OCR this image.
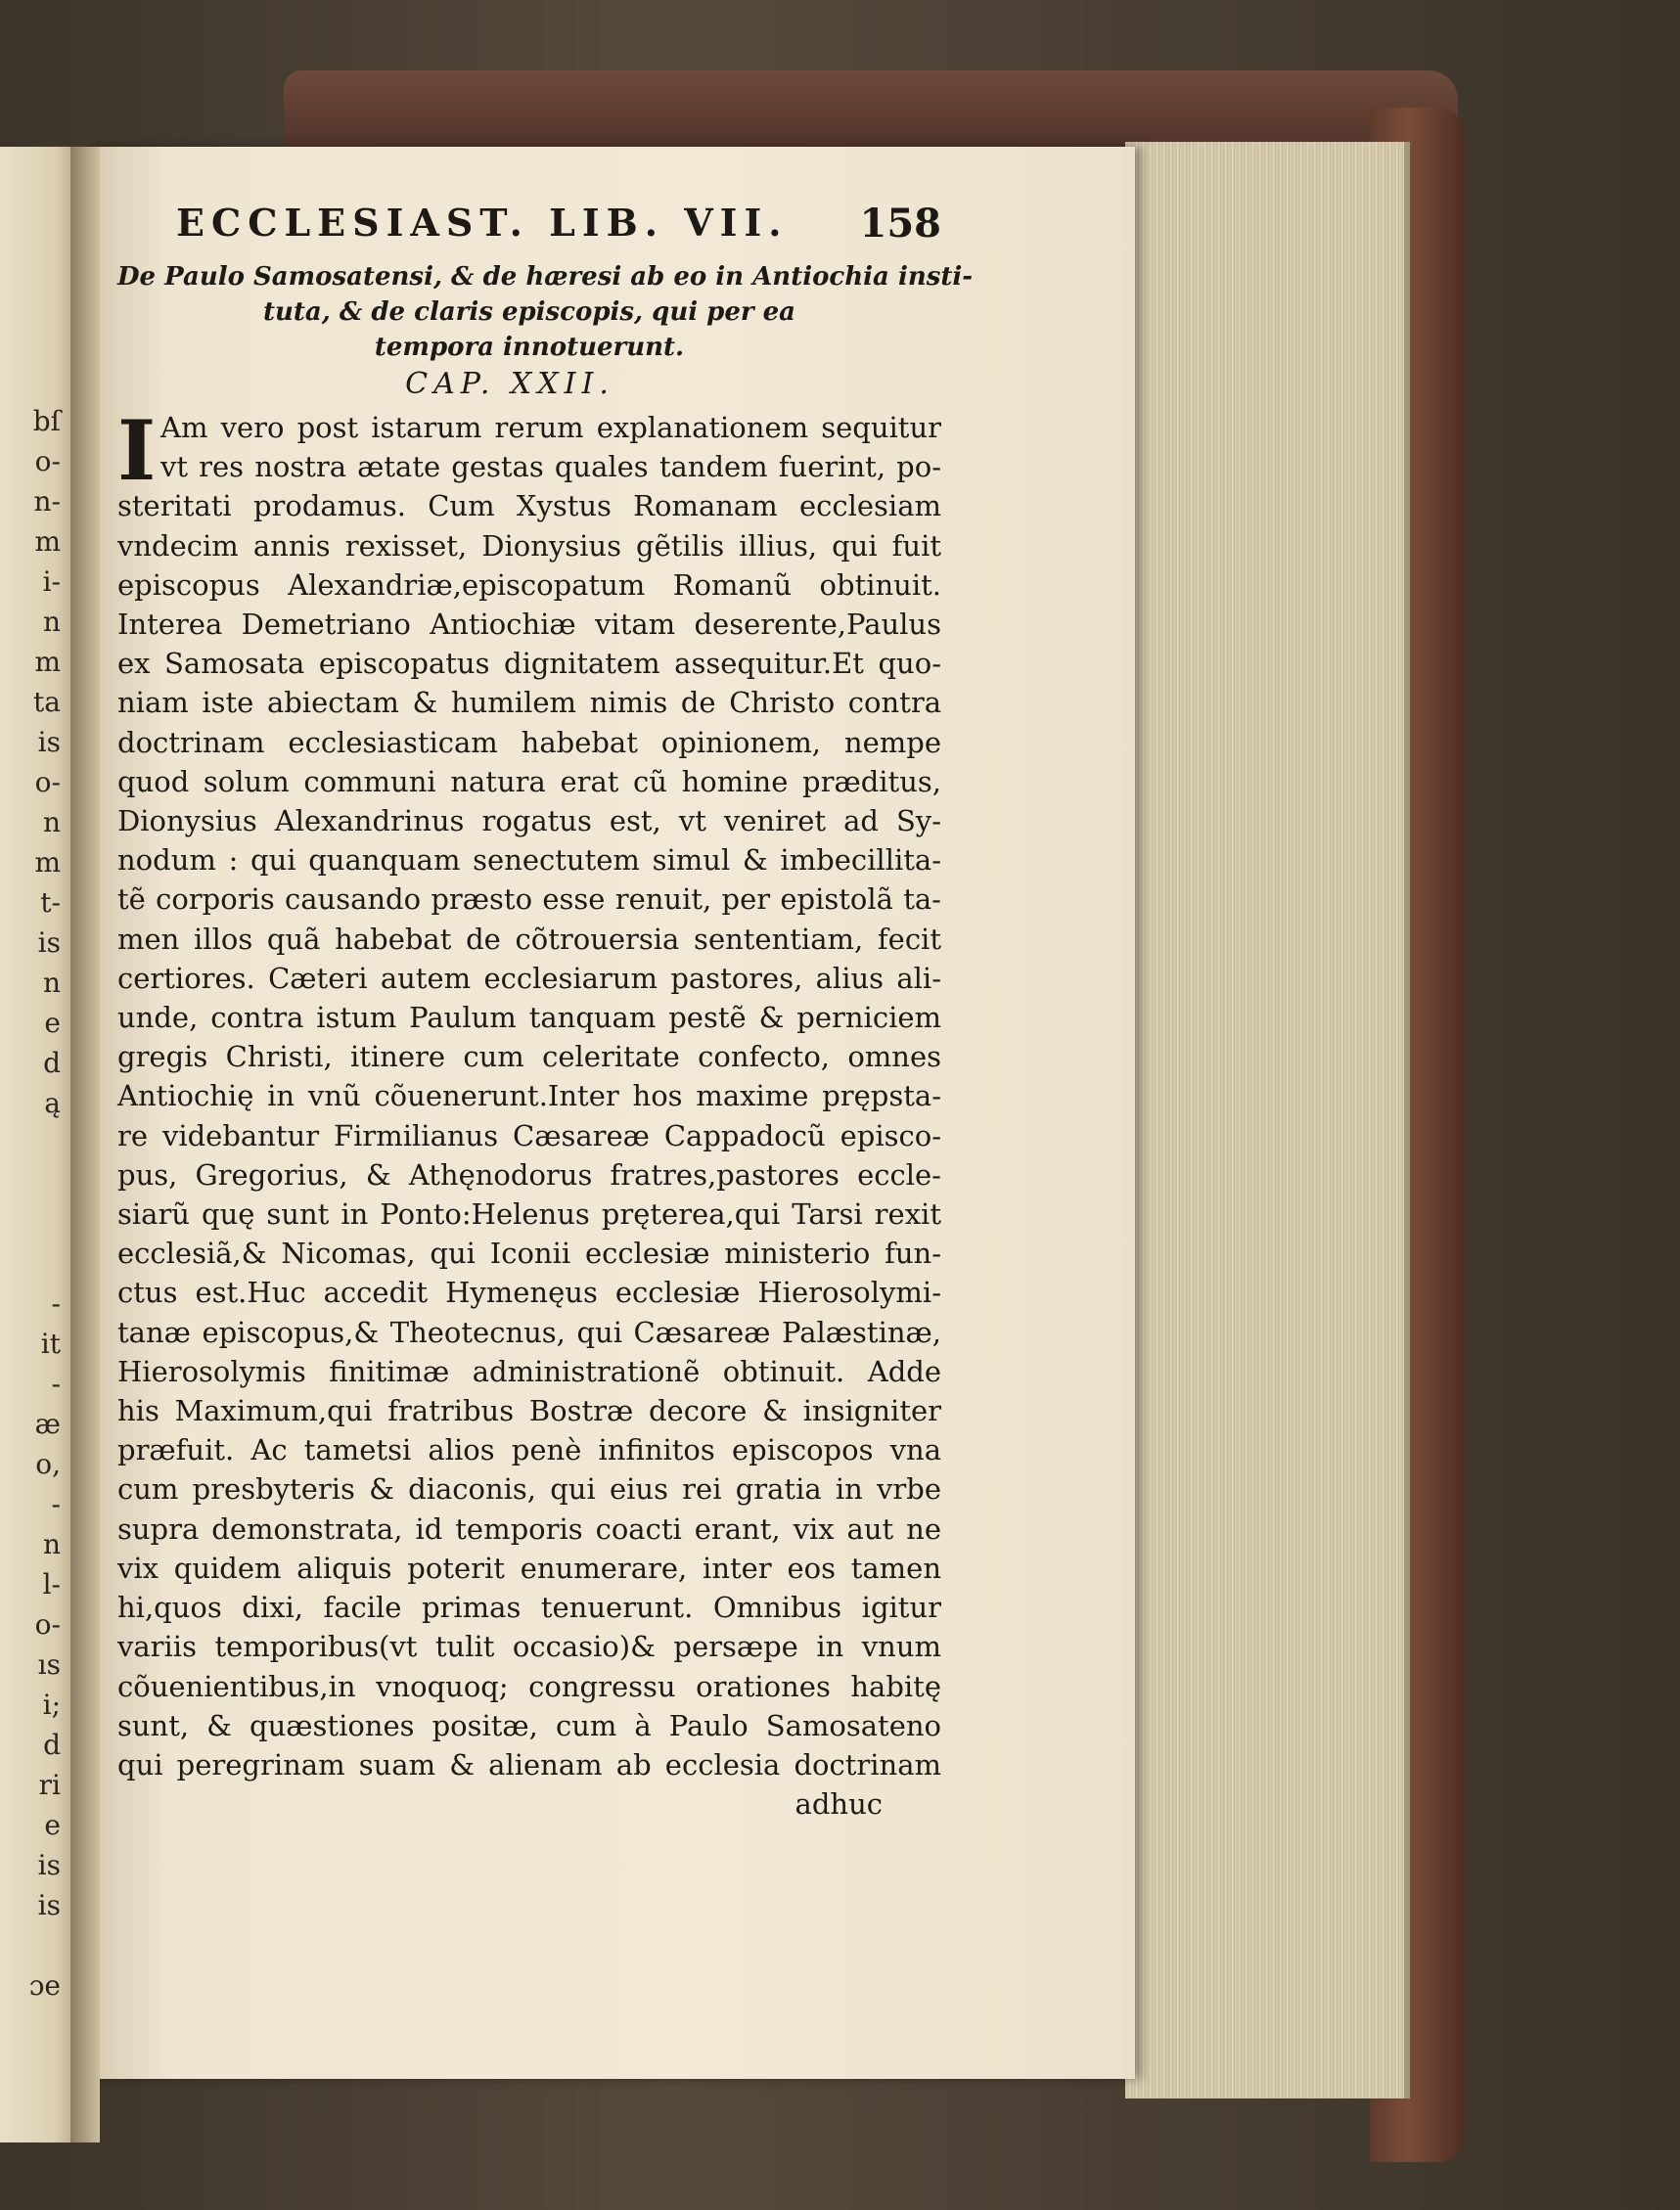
bſ
o-
n-
m
i-
n
m
ta
is
o-
n
m
t-
is
n
e
d
ą
-
it
-
æ
o,
-
n
l-
o-
ıs
i;
d
ri
e
is
is
ɔe
ECCLESIAST. LIB. VII. 158
De Paulo Samosatensi, & de hæresi ab eo in Antiochia insti-
tuta, & de claris episcopis, qui per ea
tempora innotuerunt.
CAP. XXII.
I Am vero post istarum rerum explanationem sequitur
vt res nostra ætate gestas quales tandem fuerint, po-
steritati prodamus. Cum Xystus Romanam ecclesiam
vndecim annis rexisset, Dionysius gẽtilis illius, qui fuit
episcopus Alexandriæ,episcopatum Romanũ obtinuit.
Interea Demetriano Antiochiæ vitam deserente,Paulus
ex Samosata episcopatus dignitatem assequitur.Et quo-
niam iste abiectam & humilem nimis de Christo contra
doctrinam ecclesiasticam habebat opinionem, nempe
quod solum communi natura erat cũ homine præditus,
Dionysius Alexandrinus rogatus est, vt veniret ad Sy-
nodum : qui quanquam senectutem simul & imbecillita-
tẽ corporis causando præsto esse renuit, per epistolã ta-
men illos quã habebat de cõtrouersia sententiam, fecit
certiores. Cæteri autem ecclesiarum pastores, alius ali-
unde, contra istum Paulum tanquam pestẽ & perniciem
gregis Christi, itinere cum celeritate confecto, omnes
Antiochię in vnũ cõuenerunt.Inter hos maxime prępsta-
re videbantur Firmilianus Cæsareæ Cappadocũ episco-
pus, Gregorius, & Athęnodorus fratres,pastores eccle-
siarũ quę sunt in Ponto:Helenus pręterea,qui Tarsi rexit
ecclesiã,& Nicomas, qui Iconii ecclesiæ ministerio fun-
ctus est.Huc accedit Hymenęus ecclesiæ Hierosolymi-
tanæ episcopus,& Theotecnus, qui Cæsareæ Palæstinæ,
Hierosolymis finitimæ administrationẽ obtinuit. Adde
his Maximum,qui fratribus Bostræ decore & insigniter
præfuit. Ac tametsi alios penè infinitos episcopos vna
cum presbyteris & diaconis, qui eius rei gratia in vrbe
supra demonstrata, id temporis coacti erant, vix aut ne
vix quidem aliquis poterit enumerare, inter eos tamen
hi,quos dixi, facile primas tenuerunt. Omnibus igitur
variis temporibus(vt tulit occasio)& persæpe in vnum
cõuenientibus,in vnoquoq; congressu orationes habitę
sunt, & quæstiones positæ, cum à Paulo Samosateno
qui peregrinam suam & alienam ab ecclesia doctrinam
adhuc
